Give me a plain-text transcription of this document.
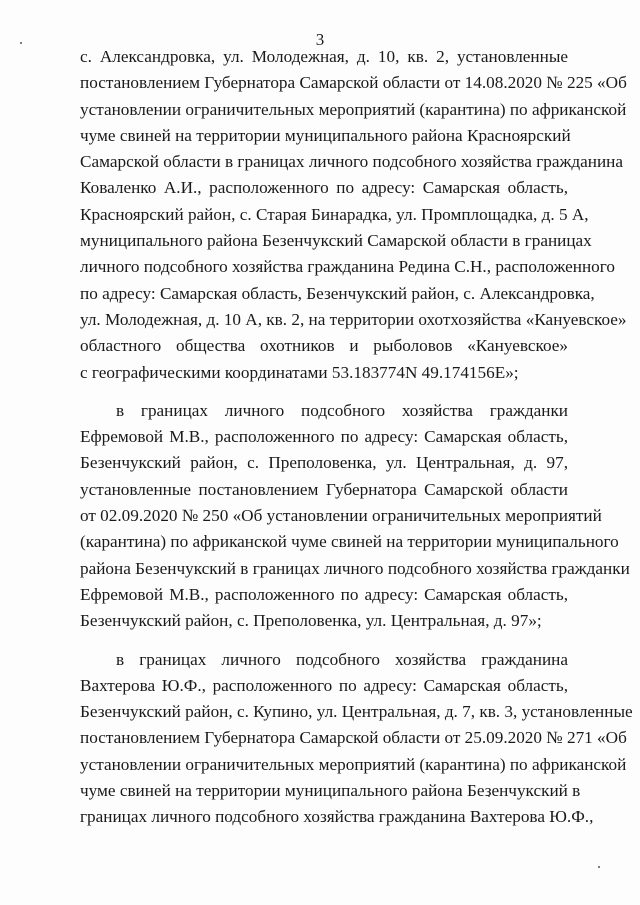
3
с. Александровка, ул. Молодежная, д. 10, кв. 2, установленные
постановлением Губернатора Самарской области от 14.08.2020 № 225 «Об
установлении ограничительных мероприятий (карантина) по африканской
чуме свиней на территории муниципального района Красноярский
Самарской области в границах личного подсобного хозяйства гражданина
Коваленко А.И., расположенного по адресу: Самарская область,
Красноярский район, с. Старая Бинарадка, ул. Промплощадка, д. 5 А,
муниципального района Безенчукский Самарской области в границах
личного подсобного хозяйства гражданина Редина С.Н., расположенного
по адресу: Самарская область, Безенчукский район, с. Александровка,
ул. Молодежная, д. 10 А, кв. 2, на территории охотхозяйства «Кануевское»
областного общества охотников и рыболовов «Кануевское»
с географическими координатами 53.183774N 49.174156E»;
в границах личного подсобного хозяйства гражданки
Ефремовой М.В., расположенного по адресу: Самарская область,
Безенчукский район, с. Преполовенка, ул. Центральная, д. 97,
установленные постановлением Губернатора Самарской области
от 02.09.2020 № 250 «Об установлении ограничительных мероприятий
(карантина) по африканской чуме свиней на территории муниципального
района Безенчукский в границах личного подсобного хозяйства гражданки
Ефремовой М.В., расположенного по адресу: Самарская область,
Безенчукский район, с. Преполовенка, ул. Центральная, д. 97»;
в границах личного подсобного хозяйства гражданина
Вахтерова Ю.Ф., расположенного по адресу: Самарская область,
Безенчукский район, с. Купино, ул. Центральная, д. 7, кв. 3, установленные
постановлением Губернатора Самарской области от 25.09.2020 № 271 «Об
установлении ограничительных мероприятий (карантина) по африканской
чуме свиней на территории муниципального района Безенчукский в
границах личного подсобного хозяйства гражданина Вахтерова Ю.Ф.,
